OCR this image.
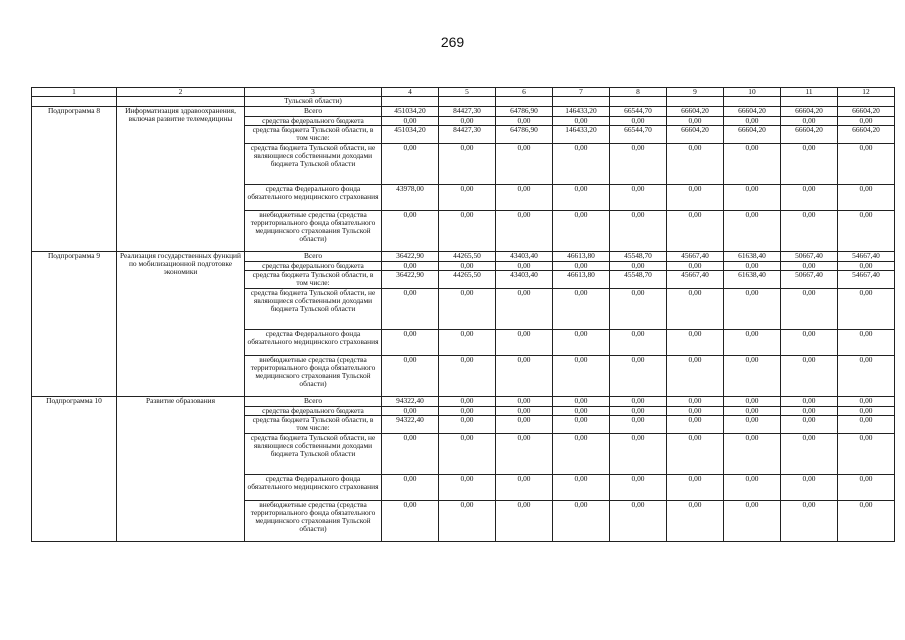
269
1	2	3	4	5	6	7	8	9	10	11	12
		Тульской области)									
Подпрограмма 8	Информатизация здравоохранения, включая развитие телемедицины	Всего	451034,20	84427,30	64786,90	146433,20	66544,70	66604,20	66604,20	66604,20	66604,20
		средства федерального бюджета	0,00	0,00	0,00	0,00	0,00	0,00	0,00	0,00	0,00
		средства бюджета Тульской области, в том числе:	451034,20	84427,30	64786,90	146433,20	66544,70	66604,20	66604,20	66604,20	66604,20
		средства бюджета Тульской области, не являющиеся собственными доходами бюджета Тульской области	0,00	0,00	0,00	0,00	0,00	0,00	0,00	0,00	0,00
		средства Федерального фонда обязательного медицинского страхования	43978,00	0,00	0,00	0,00	0,00	0,00	0,00	0,00	0,00
		внебюджетные средства (средства территориального фонда обязательного медицинского страхования Тульской области)	0,00	0,00	0,00	0,00	0,00	0,00	0,00	0,00	0,00
Подпрограмма 9	Реализация государственных функций по мобилизационной подготовке экономики	Всего	36422,90	44265,50	43403,40	46613,80	45548,70	45667,40	61638,40	50667,40	54667,40
		средства федерального бюджета	0,00	0,00	0,00	0,00	0,00	0,00	0,00	0,00	0,00
		средства бюджета Тульской области, в том числе:	36422,90	44265,50	43403,40	46613,80	45548,70	45667,40	61638,40	50667,40	54667,40
		средства бюджета Тульской области, не являющиеся собственными доходами бюджета Тульской области	0,00	0,00	0,00	0,00	0,00	0,00	0,00	0,00	0,00
		средства Федерального фонда обязательного медицинского страхования	0,00	0,00	0,00	0,00	0,00	0,00	0,00	0,00	0,00
		внебюджетные средства (средства территориального фонда обязательного медицинского страхования Тульской области)	0,00	0,00	0,00	0,00	0,00	0,00	0,00	0,00	0,00
Подпрограмма 10	Развитие образования	Всего	94322,40	0,00	0,00	0,00	0,00	0,00	0,00	0,00	0,00
		средства федерального бюджета	0,00	0,00	0,00	0,00	0,00	0,00	0,00	0,00	0,00
		средства бюджета Тульской области, в том числе:	94322,40	0,00	0,00	0,00	0,00	0,00	0,00	0,00	0,00
		средства бюджета Тульской области, не являющиеся собственными доходами бюджета Тульской области	0,00	0,00	0,00	0,00	0,00	0,00	0,00	0,00	0,00
		средства Федерального фонда обязательного медицинского страхования	0,00	0,00	0,00	0,00	0,00	0,00	0,00	0,00	0,00
		внебюджетные средства (средства территориального фонда обязательного медицинского страхования Тульской области)	0,00	0,00	0,00	0,00	0,00	0,00	0,00	0,00	0,00
